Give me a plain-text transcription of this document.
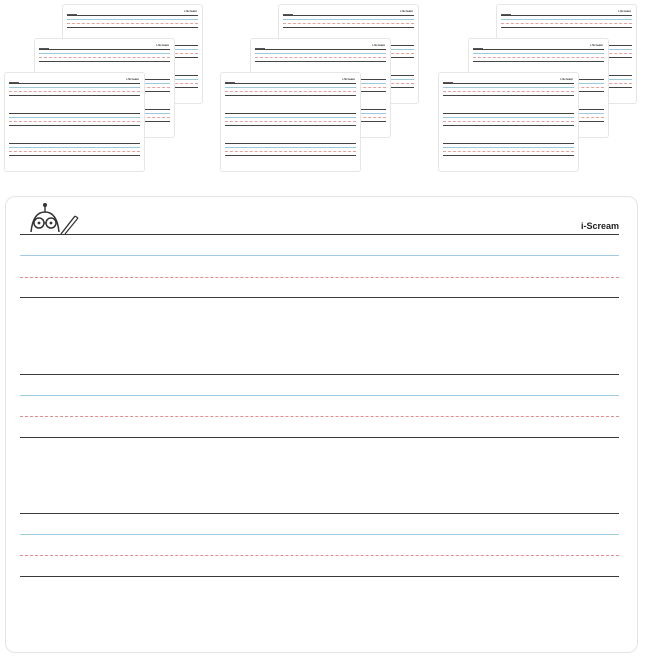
i-Scream
i-Scream
i-Scream
i-Scream
i-Scream
i-Scream
i-Scream
i-Scream
i-Scream
i-Scream
